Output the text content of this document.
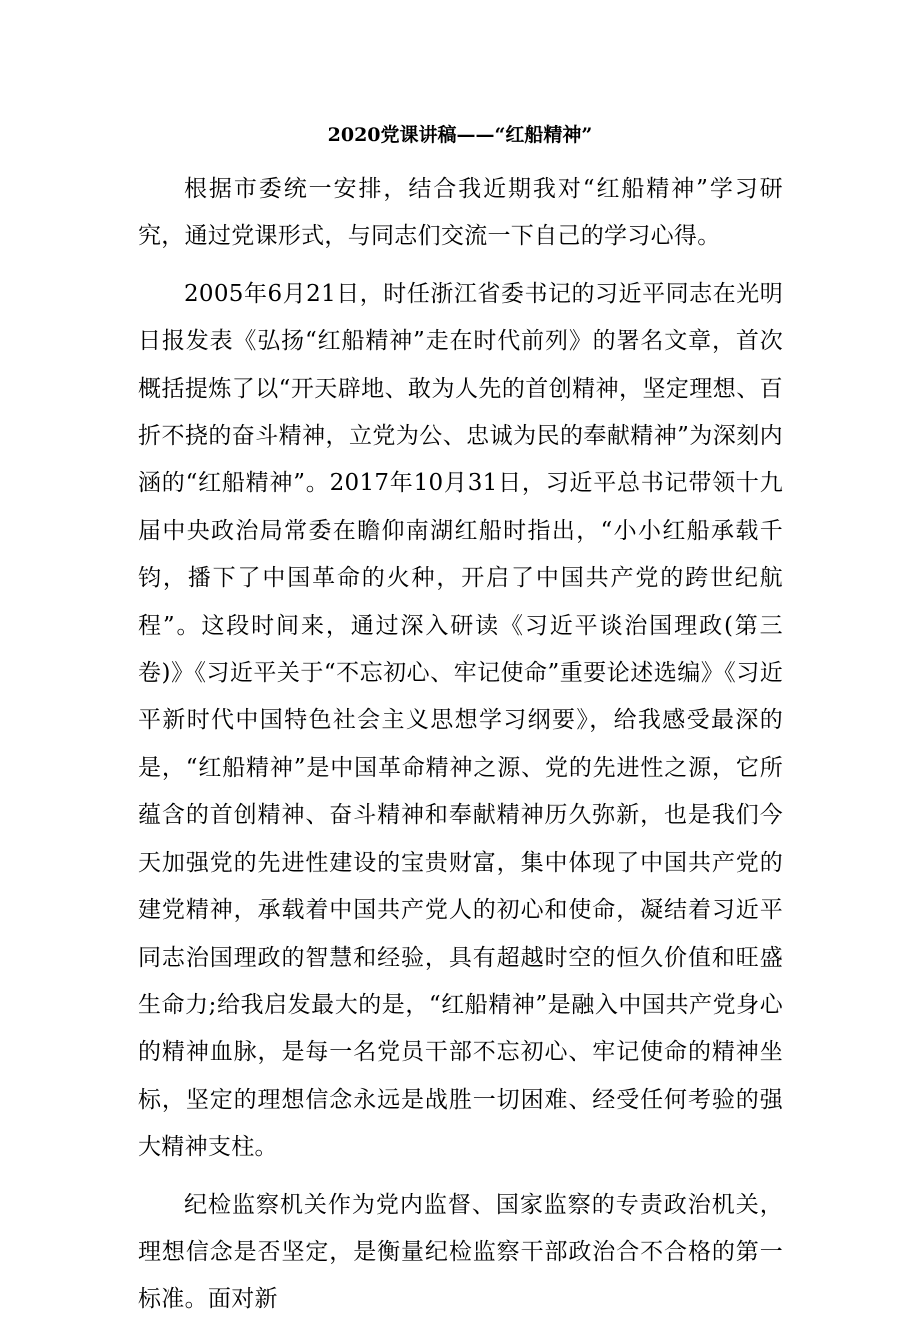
2020党课讲稿——“红船精神”

根据市委统一安排，结合我近期我对“红船精神”学习研究，通过党课形式，与同志们交流一下自己的学习心得。

2005年6月21日，时任浙江省委书记的习近平同志在光明日报发表《弘扬“红船精神”走在时代前列》的署名文章，首次概括提炼了以“开天辟地、敢为人先的首创精神，坚定理想、百折不挠的奋斗精神，立党为公、忠诚为民的奉献精神”为深刻内涵的“红船精神”。2017年10月31日，习近平总书记带领十九届中央政治局常委在瞻仰南湖红船时指出，“小小红船承载千钧，播下了中国革命的火种，开启了中国共产党的跨世纪航程”。这段时间来，通过深入研读《习近平谈治国理政(第三卷)》《习近平关于“不忘初心、牢记使命”重要论述选编》《习近平新时代中国特色社会主义思想学习纲要》，给我感受最深的是，“红船精神”是中国革命精神之源、党的先进性之源，它所蕴含的首创精神、奋斗精神和奉献精神历久弥新，也是我们今天加强党的先进性建设的宝贵财富，集中体现了中国共产党的建党精神，承载着中国共产党人的初心和使命，凝结着习近平同志治国理政的智慧和经验，具有超越时空的恒久价值和旺盛生命力;给我启发最大的是，“红船精神”是融入中国共产党身心的精神血脉，是每一名党员干部不忘初心、牢记使命的精神坐标，坚定的理想信念永远是战胜一切困难、经受任何考验的强大精神支柱。

纪检监察机关作为党内监督、国家监察的专责政治机关，理想信念是否坚定，是衡量纪检监察干部政治合不合格的第一标准。面对新
